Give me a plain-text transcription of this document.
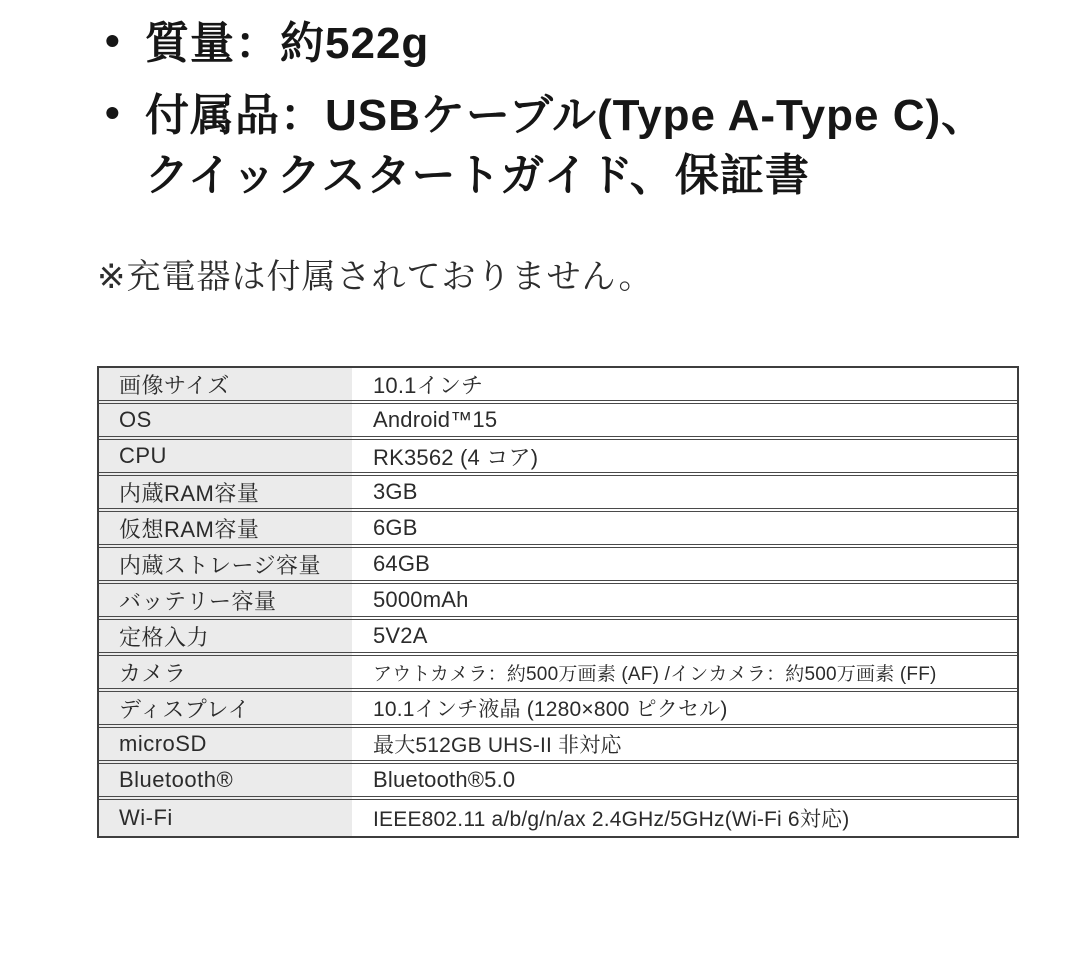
• 質量：約522g
• 付属品：USBケーブル(Type A-Type C)、クイックスタートガイド、保証書
※充電器は付属されておりません。
画像サイズ	10.1インチ
OS	Android™15
CPU	RK3562 (4 コア)
内蔵RAM容量	3GB
仮想RAM容量	6GB
内蔵ストレージ容量	64GB
バッテリー容量	5000mAh
定格入力	5V2A
カメラ	アウトカメラ：約500万画素 (AF) /インカメラ：約500万画素 (FF)
ディスプレイ	10.1インチ液晶 (1280×800 ピクセル)
microSD	最大512GB UHS-II 非対応
Bluetooth®	Bluetooth®5.0
Wi-Fi	IEEE802.11 a/b/g/n/ax 2.4GHz/5GHz(Wi-Fi 6対応)
